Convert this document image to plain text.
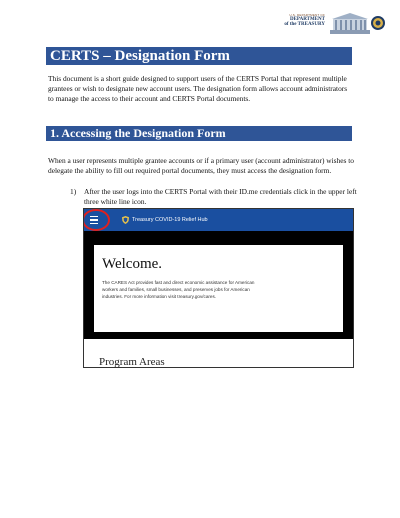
U.S. DEPARTMENT OF
DEPARTMENT
of the TREASURY
CERTS – Designation Form
This document is a short guide designed to support users of the CERTS Portal that represent multiple grantees or wish to designate new account users. The designation form allows account administrators to manage the access to their account and CERTS Portal documents.
1. Accessing the Designation Form
When a user represents multiple grantee accounts or if a primary user (account administrator) wishes to delegate the ability to fill out required portal documents, they must access the designation form.
1) After the user logs into the CERTS Portal with their ID.me credentials click in the upper left three white line icon.
Treasury COVID-19 Relief Hub
Welcome.
The CARES Act provides fast and direct economic assistance for American workers and families, small businesses, and preserves jobs for American industries. For more information visit treasury.gov/cares.
Program Areas
